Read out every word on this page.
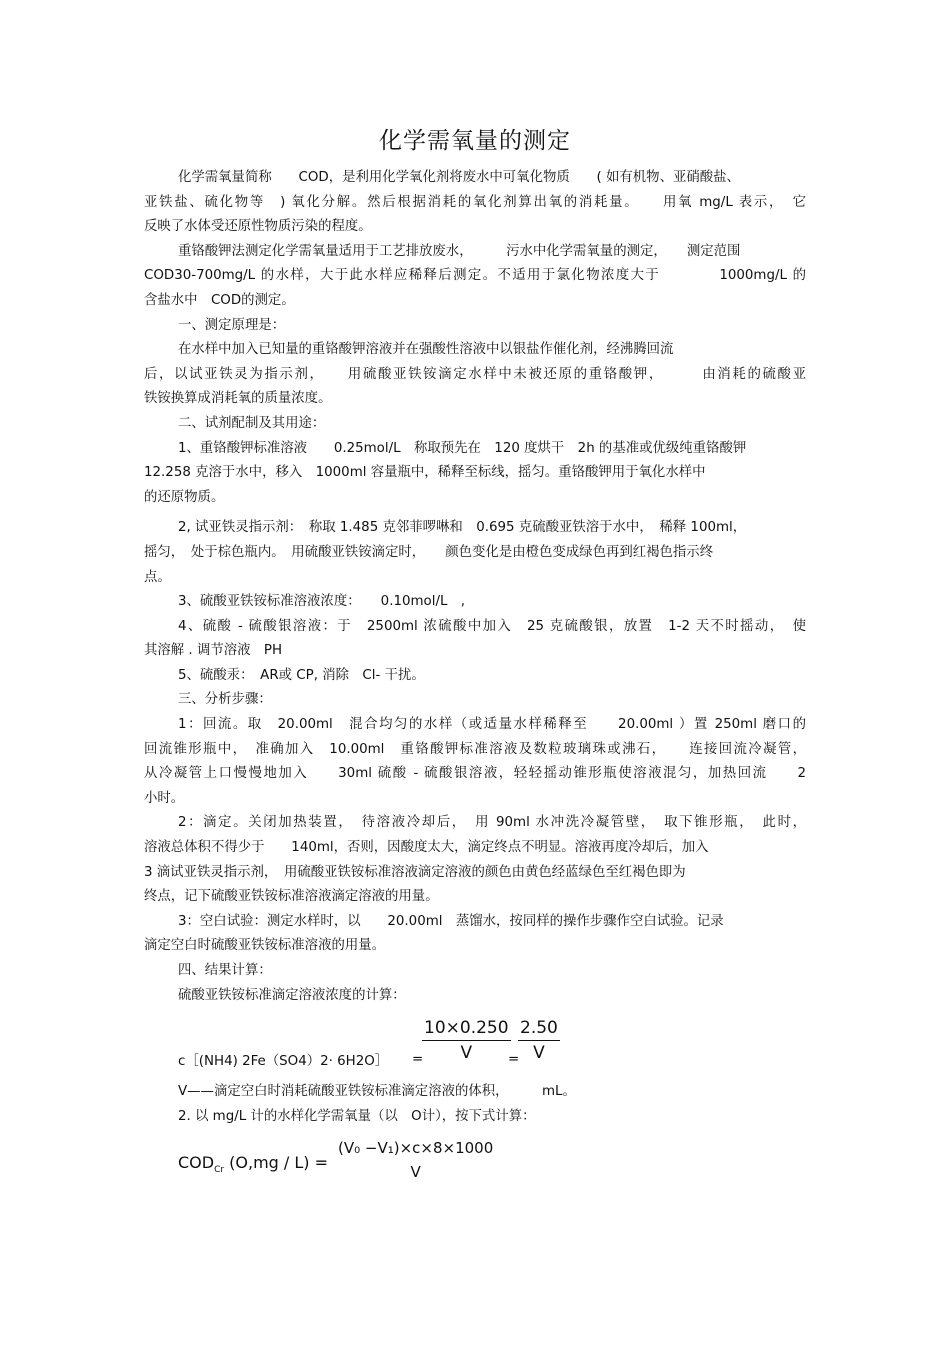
化学需氧量的测定
化学需氧量简称　　COD，是利用化学氧化剂将废水中可氧化物质　　( 如有机物、亚硝酸盐、
亚铁盐、硫化物等　) 氧化分解。然后根据消耗的氧化剂算出氧的消耗量。　　用氧 mg/L 表示，　它
反映了水体受还原性物质污染的程度。
重铬酸钾法测定化学需氧量适用于工艺排放废水，　　　污水中化学需氧量的测定，　　测定范围
COD30-700mg/L 的水样，大于此水样应稀释后测定。不适用于氯化物浓度大于　　　　1000mg/L 的
含盐水中　COD的测定。
一、测定原理是：
在水样中加入已知量的重铬酸钾溶液并在强酸性溶液中以银盐作催化剂，经沸腾回流
后，以试亚铁灵为指示剂，　　用硫酸亚铁铵滴定水样中未被还原的重铬酸钾，　　　由消耗的硫酸亚
铁铵换算成消耗氧的质量浓度。
二、试剂配制及其用途：
1、重铬酸钾标准溶液　　0.25mol/L　称取预先在　120 度烘干　2h 的基准或优级纯重铬酸钾
12.258 克溶于水中，移入　1000ml 容量瓶中，稀释至标线，摇匀。重铬酸钾用于氧化水样中
的还原物质。
2, 试亚铁灵指示剂：　称取 1.485 克邻菲啰啉和　0.695 克硫酸亚铁溶于水中，　稀释 100ml，
摇匀，　处于棕色瓶内。　用硫酸亚铁铵滴定时，　　颜色变化是由橙色变成绿色再到红褐色指示终
点。
3、硫酸亚铁铵标准溶液浓度：　　0.10mol/L　,
4、硫酸 - 硫酸银溶液：于　2500ml 浓硫酸中加入　25 克硫酸银，放置　1-2 天不时摇动，　使
其溶解 . 调节溶液　PH
5、硫酸汞：　AR或 CP, 消除　Cl- 干扰。
三、分析步骤：
1：回流。取　20.00ml　混合均匀的水样（或适量水样稀释至　　20.00ml ）置 250ml 磨口的
回流锥形瓶中，　准确加入　10.00ml　重铬酸钾标准溶液及数粒玻璃珠或沸石，　　连接回流冷凝管，
从冷凝管上口慢慢地加入　　30ml 硫酸 - 硫酸银溶液，轻轻摇动锥形瓶使溶液混匀，加热回流　　2
小时。
2：滴定。关闭加热装置，　待溶液冷却后，　用 90ml 水冲洗冷凝管壁，　取下锥形瓶，　此时，
溶液总体积不得少于　　140ml，否则，因酸度太大，滴定终点不明显。溶液再度冷却后，加入
3 滴试亚铁灵指示剂，　用硫酸亚铁铵标准溶液滴定溶液的颜色由黄色经蓝绿色至红褐色即为
终点，记下硫酸亚铁铵标准溶液滴定溶液的用量。
3：空白试验：测定水样时，以　　20.00ml　蒸馏水，按同样的操作步骤作空白试验。记录
滴定空白时硫酸亚铁铵标准溶液的用量。
四、结果计算：
硫酸亚铁铵标准滴定溶液浓度的计算：
c［(NH4) 2Fe（SO4）2· 6H2O］ =
$\frac{10\times 0.250}{V}$
=
$\frac{2.50}{V}$
V——滴定空白时消耗硫酸亚铁铵标准滴定溶液的体积，　　　mL。
2. 以 mg/L 计的水样化学需氧量（以　O计），按下式计算：
$COD_{Cr}$ (O,mg / L) =
(V₀ −V₁)×c×8×1000
V
